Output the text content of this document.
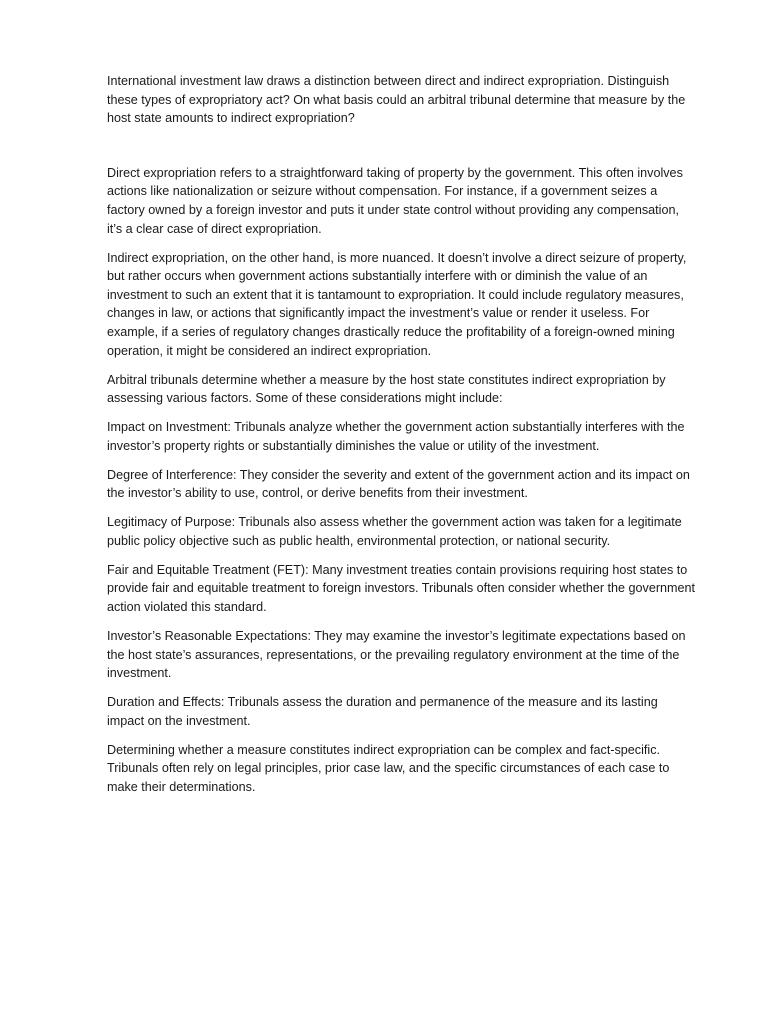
International investment law draws a distinction between direct and indirect expropriation. Distinguish these types of expropriatory act? On what basis could an arbitral tribunal determine that measure by the host state amounts to indirect expropriation?

Direct expropriation refers to a straightforward taking of property by the government. This often involves actions like nationalization or seizure without compensation. For instance, if a government seizes a factory owned by a foreign investor and puts it under state control without providing any compensation, it’s a clear case of direct expropriation.

Indirect expropriation, on the other hand, is more nuanced. It doesn’t involve a direct seizure of property, but rather occurs when government actions substantially interfere with or diminish the value of an investment to such an extent that it is tantamount to expropriation. It could include regulatory measures, changes in law, or actions that significantly impact the investment’s value or render it useless. For example, if a series of regulatory changes drastically reduce the profitability of a foreign-owned mining operation, it might be considered an indirect expropriation.

Arbitral tribunals determine whether a measure by the host state constitutes indirect expropriation by assessing various factors. Some of these considerations might include:

Impact on Investment: Tribunals analyze whether the government action substantially interferes with the investor’s property rights or substantially diminishes the value or utility of the investment.

Degree of Interference: They consider the severity and extent of the government action and its impact on the investor’s ability to use, control, or derive benefits from their investment.

Legitimacy of Purpose: Tribunals also assess whether the government action was taken for a legitimate public policy objective such as public health, environmental protection, or national security.

Fair and Equitable Treatment (FET): Many investment treaties contain provisions requiring host states to provide fair and equitable treatment to foreign investors. Tribunals often consider whether the government action violated this standard.

Investor’s Reasonable Expectations: They may examine the investor’s legitimate expectations based on the host state’s assurances, representations, or the prevailing regulatory environment at the time of the investment.

Duration and Effects: Tribunals assess the duration and permanence of the measure and its lasting impact on the investment.

Determining whether a measure constitutes indirect expropriation can be complex and fact-specific. Tribunals often rely on legal principles, prior case law, and the specific circumstances of each case to make their determinations.
